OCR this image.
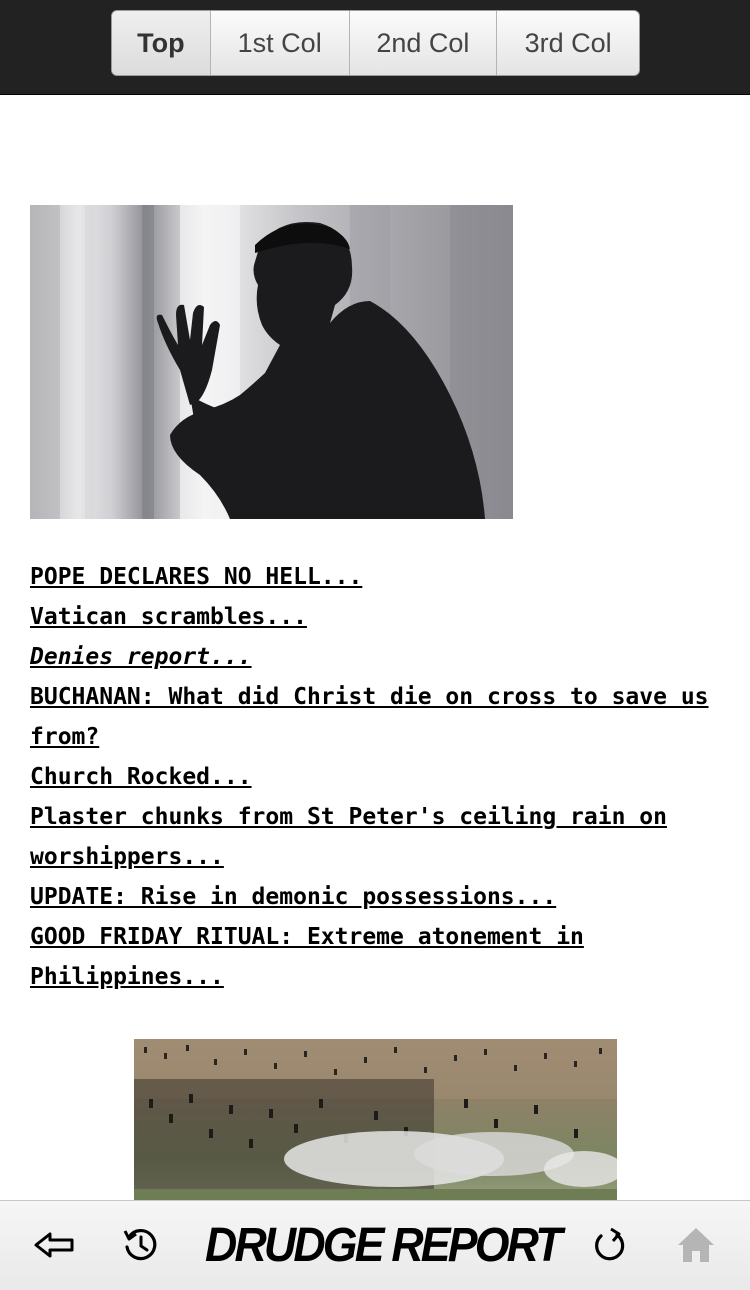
Top	1st Col	2nd Col	3rd Col
POPE DECLARES NO HELL...
Vatican scrambles...
Denies report...
BUCHANAN: What did Christ die on cross to save us from?
Church Rocked...
Plaster chunks from St Peter's ceiling rain on worshippers...
UPDATE: Rise in demonic possessions...
GOOD FRIDAY RITUAL: Extreme atonement in Philippines...
DRUDGE REPORT
